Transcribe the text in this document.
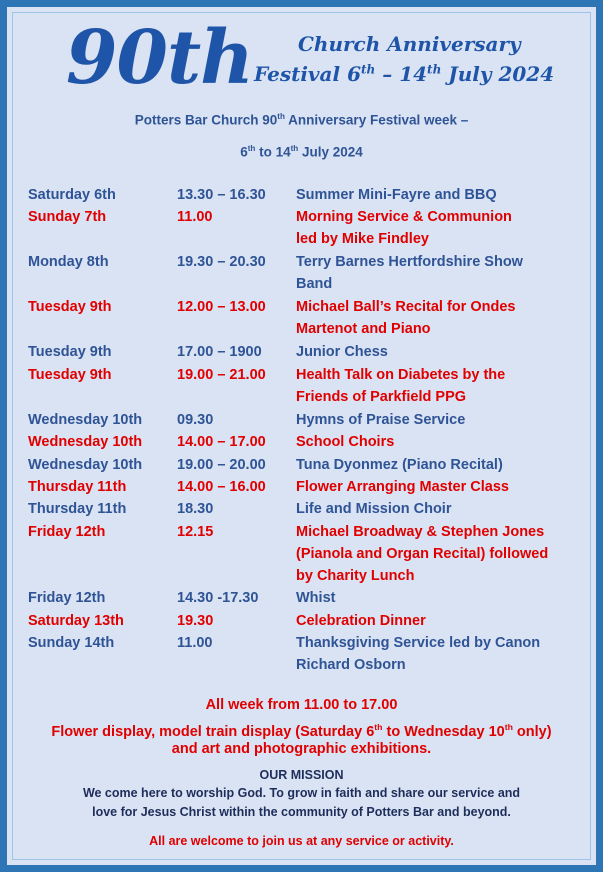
90th Church Anniversary
Festival 6th – 14th July 2024
Potters Bar Church 90th Anniversary Festival week –
6th to 14th July 2024
Saturday 6th	13.30 – 16.30	Summer Mini-Fayre and BBQ
Sunday 7th	11.00	Morning Service & Communion
led by Mike Findley
Monday 8th	19.30 – 20.30	Terry Barnes Hertfordshire Show
Band
Tuesday 9th	12.00 – 13.00	Michael Ball’s Recital for Ondes
Martenot and Piano
Tuesday 9th	17.00 – 1900	Junior Chess
Tuesday 9th	19.00 – 21.00	Health Talk on Diabetes by the
Friends of Parkfield PPG
Wednesday 10th	09.30	Hymns of Praise Service
Wednesday 10th	14.00 – 17.00	School Choirs
Wednesday 10th	19.00 – 20.00	Tuna Dyonmez (Piano Recital)
Thursday 11th	14.00 – 16.00	Flower Arranging Master Class
Thursday 11th	18.30	Life and Mission Choir
Friday 12th	12.15	Michael Broadway & Stephen Jones
(Pianola and Organ Recital) followed
by Charity Lunch
Friday 12th	14.30 -17.30	Whist
Saturday 13th	19.30	Celebration Dinner
Sunday 14th	11.00	Thanksgiving Service led by Canon
Richard Osborn
All week from 11.00 to 17.00
Flower display, model train display (Saturday 6th to Wednesday 10th only)
and art and photographic exhibitions.
OUR MISSION
We come here to worship God. To grow in faith and share our service and
love for Jesus Christ within the community of Potters Bar and beyond.
All are welcome to join us at any service or activity.
